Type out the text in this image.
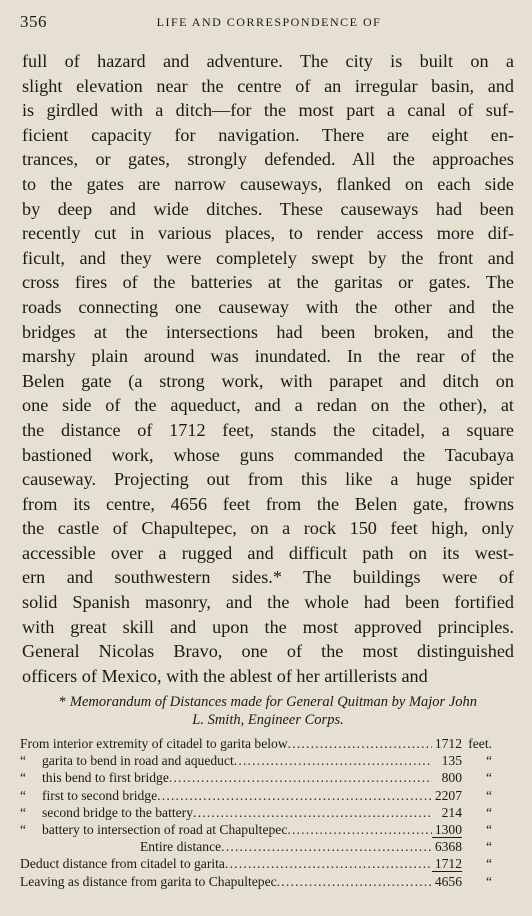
356	LIFE AND CORRESPONDENCE OF
full of hazard and adventure. The city is built on a
slight elevation near the centre of an irregular basin, and
is girdled with a ditch—for the most part a canal of suf-
ficient capacity for navigation. There are eight en-
trances, or gates, strongly defended. All the approaches
to the gates are narrow causeways, flanked on each side
by deep and wide ditches. These causeways had been
recently cut in various places, to render access more dif-
ficult, and they were completely swept by the front and
cross fires of the batteries at the garitas or gates. The
roads connecting one causeway with the other and the
bridges at the intersections had been broken, and the
marshy plain around was inundated. In the rear of the
Belen gate (a strong work, with parapet and ditch on
one side of the aqueduct, and a redan on the other), at
the distance of 1712 feet, stands the citadel, a square
bastioned work, whose guns commanded the Tacubaya
causeway. Projecting out from this like a huge spider
from its centre, 4656 feet from the Belen gate, frowns
the castle of Chapultepec, on a rock 150 feet high, only
accessible over a rugged and difficult path on its west-
ern and southwestern sides.* The buildings were of
solid Spanish masonry, and the whole had been fortified
with great skill and upon the most approved principles.
General Nicolas Bravo, one of the most distinguished
officers of Mexico, with the ablest of her artillerists and

* Memorandum of Distances made for General Quitman by Major John
L. Smith, Engineer Corps.

From interior extremity of citadel to garita below .....	1712 feet.
“	garita to bend in road and aqueduct .....	135	“
“	this bend to first bridge .....	800	“
“	first to second bridge .....	2207	“
“	second bridge to the battery .....	214	“
“	battery to intersection of road at Chapultepec .....	1300	“
Entire distance .....	6368	“
Deduct distance from citadel to garita .....	1712	“
Leaving as distance from garita to Chapultepec .....	4656	“
